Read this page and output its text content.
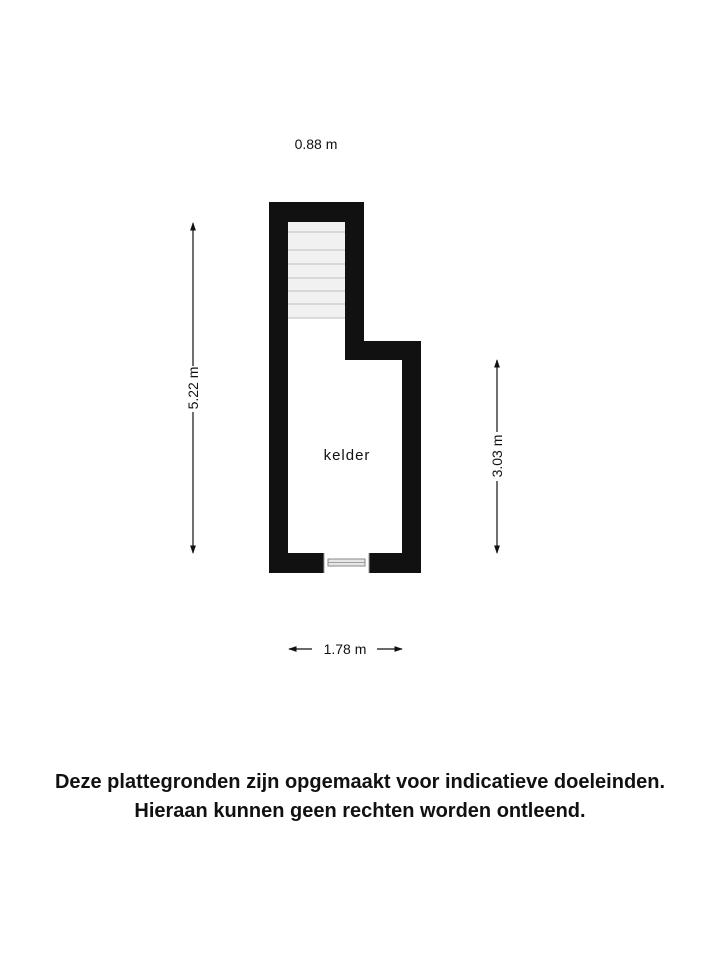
kelder
0.88 m
5.22 m
3.03 m
1.78 m
Deze plattegronden zijn opgemaakt voor indicatieve doeleinden.
Hieraan kunnen geen rechten worden ontleend.
